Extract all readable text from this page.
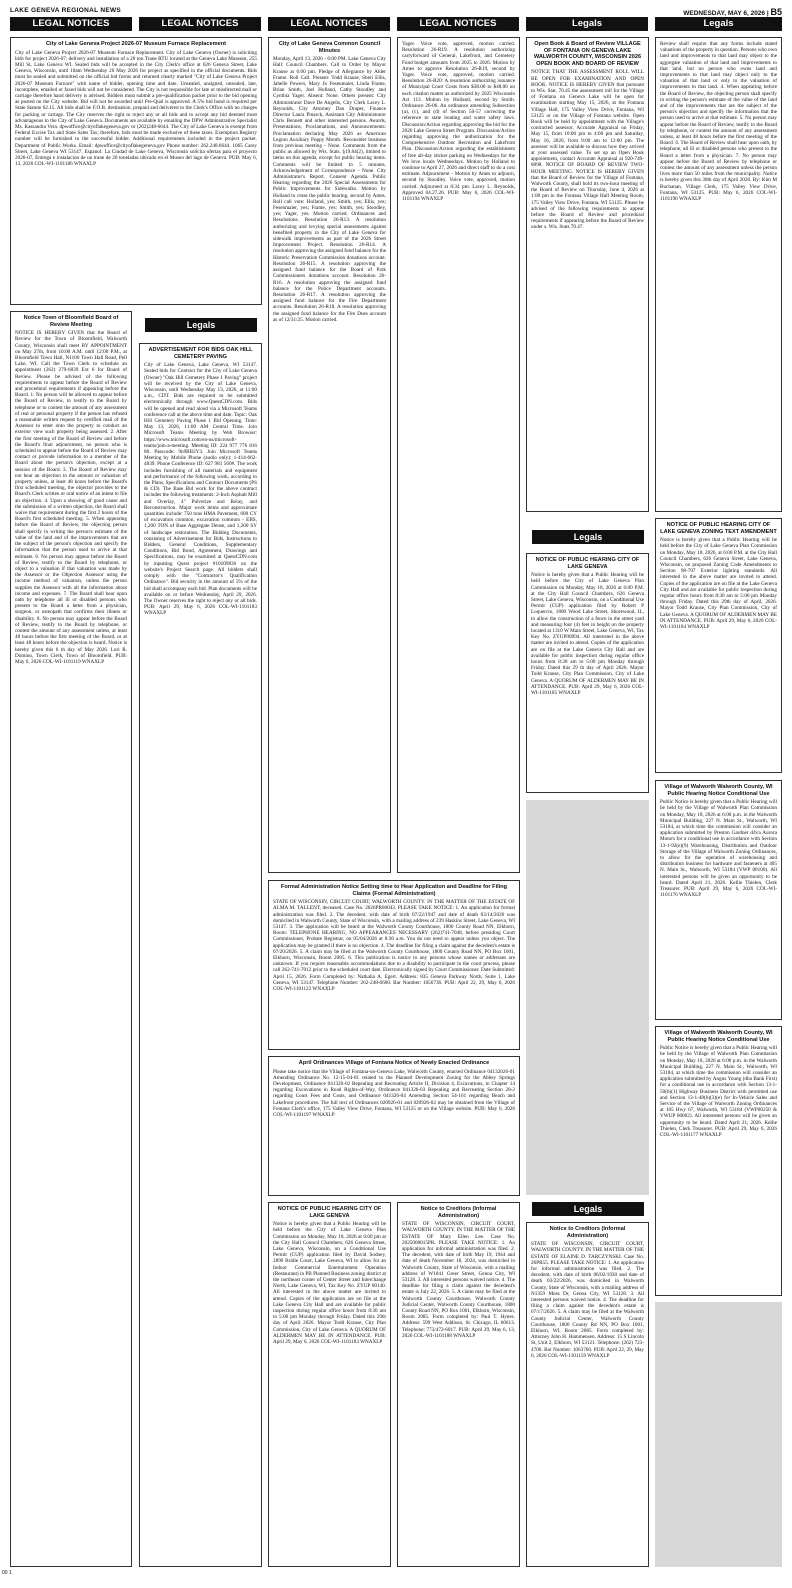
LAKE GENEVA REGIONAL NEWS	WEDNESDAY, MAY 6, 2026 | B5
LEGAL NOTICES	LEGAL NOTICES	LEGAL NOTICES	LEGAL NOTICES	Legals	Legals
City of Lake Geneva Project 2026-07 Museum Furnace Replacement

City of Lake Geneva Project 2026-07 Museum Furnace Replacement. City of Lake Geneva (Owner) is soliciting bids for project 2026-07: delivery and installation of a 20 ton Trane RTU located at the Geneva Lake Museum, 255 Mill St, Lake Geneva WI. Sealed bids will be accepted in the City Clerk's office at 626 Geneva Street, Lake Geneva, Wisconsin, until 10am Wednesday 20 May 2026 for project as specified in the official documents. Bids must be sealed and submitted on the official bid forms and returned clearly marked "City of Lake Geneva Project 2026-07 Museum Furnace" with name of bidder, opening time and date. Unsealed, unsigned, unsealed, late, incomplete, emailed or faxed bids will not be considered. The City is not responsible for late or misdirected mail or carriage therefore hand delivery is advised. Bidders must submit a pre-qualification packet prior to the bid opening as posted on the City website. Bid will not be awarded until Pre-Qual is approved. A 5% bid bond is required per State Statute 62.15. All bids shall be F.O.B. destination, prepaid and delivered to the Clerk's Office with no charges for packing or cartage. The City reserves the right to reject any or all bids and to accept any bid deemed most advantageous to the City of Lake Geneva. Documents are available by emailing the DPW Administrative Specialist Ms. Kassandra Vera. dpwoffice@cityoflakegeneva.gov or (262)248-6644. The City of Lake Geneva is exempt from Federal Excise Tax and State Sales Tax; therefore, bids must be made exclusive of these taxes. Exemption Registry number will be furnished to the successful bidder. Additional requirements included in the project packet. Department of Public Works. Email: dpwoffice@cityoflakegeneva.gov Phone number: 262.248.6644. 1065 Carey Street, Lake Geneva WI 53147. Espanol: La Ciudad de Lake Geneva, Wisconsin solicita ofertas para el proyecto 2026-07, Entrega e instalacion de un trane de 20 toneladas ubicado en el Museo del lago de Geneva. PUB: May 6, 13, 2026 COL-WI-1101186 WNAXLP

Legals
Notice Town of Bloomfield Board of Review Meeting

NOTICE IS HEREBY GIVEN that the Board of Review for the Town of Bloomfield, Walworth County, Wisconsin shall meet BY APPOINTMENT on May 27th, from 10:00 A.M. until 12:00 P.M., at Bloomfield Town Hall, N1100 Town Hall Road, Pell Lake, WI. Call the Town Clerk to schedule an appointment (262) 279-6039 Ext 6 for Board of Review. Please be advised of the following requirements to appear before the Board of Review and procedural requirements if appearing before the Board. 1. No person will be allowed to appear before the Board of Review, to testify to the Board by telephone or to contest the amount of any assessment of real or personal property if the person has refused a reasonable written request by certified mail of the Assessor to enter onto the property to conduct an exterior view such property being assessed. 2. After the first meeting of the Board of Review and before the Board's final adjournment, no person who is scheduled to appear before the Board of Review may contact or provide information to a member of the Board about the person's objection, except at a session of the Board. 3. The Board of Review may not hear an objection to the amount or valuation of property unless, at least 48 hours before the Board's first scheduled meeting, the objector provides to the Board's Clerk written or oral notice of an intent to file an objection. 4. Upon a showing of good cause and the submission of a written objection, the Board shall waive that requirement during the first 2 hours of the Board's first scheduled meeting. 5. When appearing before the Board of Review, the objecting person shall specify in writing the person's estimate of the value of the land and of the improvements that are the subject of the person's objection and specify the information that the person used to arrive at that estimate. 6. No person may appear before the Board of Review, testify to the Board by telephone, or object to a valuation if that valuation was made by the Assessor or the Objection Assessor using the income method of valuation, unless the person supplies the Assessor with all the information about income and expenses. 7. The Board shall hear upon oath by telephone all ill or disabled persons who present to the Board a letter from a physician, surgeon, or osteopath that confirms their illness or disability. 8. No person may appear before the Board of Review, testify to the Board by telephone, or contest the amount of any assessment unless, at least 48 hours before the first meeting of the Board, or at least 48 hours before the objection is heard. Notice is hereby given this 6 th day of May 2026. Lori R. Domino, Town Clerk, Town of Bloomfield. PUB: May 6, 2026 COL-WI-1101119 WNAXLP

ADVERTISEMENT FOR BIDS OAK HILL CEMETERY PAVING

City of Lake Geneva, Lake Geneva, WI 53147. Sealed bids for Contract for the City of Lake Geneva (Owner) "Oak Hill Cemetery Phase 1 Paving" project will be received by the City of Lake Geneva, Wisconsin, until Wednesday May 13, 2026, at 11:00 a.m., CDT. Bids are required to be submitted electronically through www.QuestCDN.com. Bids will be opened and read aloud via a Microsoft Teams conference call at the above time and date. Topic: Oak Hill Cemetery Paving Phase 1 Bid Opening. Time: May 13, 2026, 11:00 AM Central Time. Join Microsoft Teams Meeting by Web Browser: https://www.microsoft.com/en-us/microsoft-teams/join-a-meeting. Meeting ID: 224 977 776 816 80. Passcode: 9n9BB2Y3. Join Microsoft Teams Meeting by Mobile Phone (audio only): 1-414-662-4839. Phone Conference ID: 627 981 560#. The work includes furnishing of all materials and equipment and performance of the following work, according to the Plans, Specifications and Contract Documents (PS & CD). The Base Bid work for the above contract includes the following treatments: 2-Inch Asphalt Mill and Overlay, 4" Pulverize and Relay, and Reconstruction. Major work items and approximate quantities include: 750 tons HMA Pavement, 600 CY of excavation common, excavation common - EBS, 1,200 TON of Base Aggregate Dense, and 1,200 SY of landscape restoration. The Bidding Documents, consisting of Advertisement for Bids, Instructions to Bidders, General Conditions, Supplementary Conditions, Bid Bond, Agreement, Drawings and Specifications, may be examined at QuestCDN.com by inputting Quest project #10109836 on the website's Project Search page. All bidders shall comply with the "Contractor's Qualification Ordinance". Bid security in the amount of 5% of the bid shall accompany each bid. Plan documents will be available on or before Wednesday, April 29, 2026. The Owner reserves the right to reject any or all bids. PUB: April 29, May 6, 2026 COL-WI-1101183 WNAXLP

City of Lake Geneva Common Council Minutes

Monday, April 13, 2026 - 6:00 PM. Lake Geneva City Hall: Council Chambers. Call to Order by Mayor Krause at 6:00 pm. Pledge of Allegiance by Alder Frame. Roll Call. Present: Todd Krause, Sheri Ellis, Jahelle Powers, Mary Jo Fesenmaier, Linda Frame, Brian Smith, Joel Holland, Cathy Stoodley and Cynthia Yager. Absent: None. Others present: City Administrator Dave De Angelis, City Clerk Lacey L. Reynolds, City Attorney Dan Draper, Finance Director Laura Pinarck, Assistant City Administrator Chris Bennett and other interested persons. Awards, Presentations, Proclamations, and Announcements: Proclamation declaring May 2026 as American Legion Auxiliary Poppy Month. Reconsider business from previous meeting - None. Comments from the public as allowed by Wis. Stats. §19.84(2), limited to items on this agenda, except for public hearing items. Comments will be limited to 5 minutes. Acknowledgement of Correspondence - None. City Administrator's Report. Consent Agenda. Public Hearing regarding the 2026 Special Assessments for Public Improvements for Sidewalks. Motion by Holland to close the public hearing, second by Ames. Roll call vote: Holland, yes; Smith, yes; Ellis, yes; Fesenmaier, yes; Frame, yes; Smith, yes; Stoodley, yes; Yager, yes. Motion carried. Ordinances and Resolutions. Resolution 26-R13. A resolution authorizing and levying special assessments against benefited property in the City of Lake Geneva for sidewalk improvements as part of the 2026 Street Improvement Project. Resolution 26-R14. A resolution approving the assigned fund balance for the Historic Preservation Commission donations account. Resolution 26-R15. A resolution approving the assigned fund balance for the Board of Park Commissioners donations account. Resolution 26-R16. A resolution approving the assigned fund balance for the Police Department accounts. Resolution 26-R17. A resolution approving the assigned fund balance for the Fire Department accounts. Resolution 26-R18. A resolution approving the assigned fund balance for the Fire Dues account as of 12/31/25. Motion carried.

Yager. Voice vote, approved, motion carried. Resolution 26-R19. A resolution authorizing carryforward of General, Lakefront, and Cemetery Fund budget amounts from 2025 to 2026. Motion by Ames to approve Resolution 26-R19, second by Yager. Voice vote, approved, motion carried. Resolution 26-R20: A resolution authorizing issuance of Municipal Court Costs from $38.00 to $48.00 on each citation matter as authorized by 2025 Wisconsin Act 113. Motion by Holland, second by Smith. Ordinance 26-06. An ordinance amending Subsection (a), (c), and (d) of Section 50-57 correcting the reference to state boating and water safety laws. Discussion/Action regarding approving the bid for the 2026 Lake Geneva Street Program. Discussion/Action regarding approving the authorization for the Comprehensive Outdoor Recreation and Lakefront Plan. Discussion/Action regarding the establishment of free all-day sticker parking on Wednesdays for the We love locals Wednesdays. Motion by Holland to continue to April 27, 2026 and direct staff to do a cost estimate. Adjournment - Motion by Ames to adjourn, second by Stoodley. Voice vote, approved, motion carried. Adjourned at 8:34 pm. Lacey L. Reynolds, Approved 04.27.26. PUB: May 6, 2026 COL-WI-1101194 WNAXLP

Formal Administration Notice Setting time to Hear Application and Deadline for Filing Claims (Formal Administration)

STATE OF WISCONSIN, CIRCUIT COURT, WALWORTH COUNTY. IN THE MATTER OF THE ESTATE OF ALMA M. TALLENT, deceased. Case No. 2026PR00043. PLEASE TAKE NOTICE: 1. An application for formal administration was filed. 2. The decedent, with date of birth 07/22/1947 and date of death 03/14/2026 was domiciled in Walworth County, State of Wisconsin, with a mailing address of 239 Haskins Street, Lake Geneva, WI 53147. 3. The application will be heard at the Walworth County Courthouse, 1800 County Road NN, Elkhorn, Room: TELEPHONE HEARING, NO APPEARANCES NECESSARY (262)741-7048, before presiding Court Commissioner, Probate Registrar, on 05/04/2026 at 8:30 a.m. You do not need to appear unless you object. The application may be granted if there is no objection. 4. The deadline for filing a claim against the decedent's estate is 07/20/2026. 5. A claim may be filed at the Walworth County Courthouse, 1800 County Road NN, PO Box 1001, Elkhorn, Wisconsin, Room 2085. 6. This publication is notice to any persons whose names or addresses are unknown. If you require reasonable accommodations due to a disability to participate in the court process, please call 262-741-7012 prior to the scheduled court date. Electronically signed by Court Commissioner. Date Submitted: April 15, 2026. Form Completed by: Nathalia A. Egert. Address: 835 Geneva Parkway North, Suite 1, Lake Geneva, WI 53147. Telephone Number: 262-248-6600. Bar Number: 1056736. PUB: April 22, 29, May 6, 2026 COL-WI-1101122 WNAXLP

April Ordinances Village of Fontana Notice of Newly Enacted Ordinance

Please take notice that the Village of Fontana-on-Geneva Lake, Walworth County, enacted Ordinance 04132026-01 Amending Ordinance No. 12-15-04-01 related to the Planned Development Zoning for the Abbey Springs Development, Ordinance 041326-02 Repealing and Recreating Article II, Division 4, Excavations, in Chapter 14 regarding Excavations in Road Rights-of-Way, Ordinance 041326-03 Repealing and Recreating Section 28-2 regarding Court Fees and Costs, and Ordinance 041326-04 Amending Section 54-161 regarding Beach and Lakefront procedures. The full text of Ordinances 020926-01 and 020926-02 may be obtained from the Village of Fontana Clerk's office, 175 Valley View Drive, Fontana, WI 53125 or on the Village website. PUB: May 6, 2026 COL-WI-1101197 WNAXLP

NOTICE OF PUBLIC HEARING CITY OF LAKE GENEVA

Notice is hereby given that a Public Hearing will be held before the City of Lake Geneva Plan Commission on Monday, May 18, 2026 at 6:00 pm at the City Hall Council Chambers, 626 Geneva Street, Lake Geneva, Wisconsin, on a Conditional Use Permit (CUP) application filed by David Sodney, 2890 Bridle Court, Lake Geneva, WI to allow for an Indoor Commercial Entertainment Operation (Restaurant) in PB Planned Business zoning district at the northeast corner of Center Street and Interchange North, Lake Geneva, WI, Tax Key No. ZYUP 00140. All interested in the above matter are invited to attend. Copies of the application are on file at the Lake Geneva City Hall and are available for public inspection during regular office hours from 8:30 am to 5:00 pm Monday through Friday. Dated this 29th day of April 2026. Mayor Todd Krause, City Plan Commission, City of Lake Geneva. A QUORUM OF ALDERMEN MAY BE IN ATTENDANCE. PUB: April 29, May 6, 2026 COL-WI-1101183 WNAXLP

Notice to Creditors (Informal Administration)

STATE OF WISCONSIN, CIRCUIT COURT, WALWORTH COUNTY. IN THE MATTER OF THE ESTATE OF Mary Ellen Lee. Case No. 2025000015PR. PLEASE TAKE NOTICE: 1. An application for informal administration was filed. 2. The decedent, with date of birth May 19, 1944 and date of death November 18, 2024, was domiciled in Walworth County, State of Wisconsin, with a mailing address of W1041 Greer Street, Genoa City, WI 53128. 3. All interested persons waived notice. 4. The deadline for filing a claim against the decedent's estate is July 22, 2026. 5. A claim may be filed at the Walworth County Courthouse, Walworth County Judicial Center, Walworth County Courthouse, 1800 County Road NN, PO Box 1001, Elkhorn, Wisconsin, Room 2085. Form completed by: Paul T. Hynes. Address: 599 West Addison, St. Chicago, IL 60613. Telephone: 773/472-6017. PUB: April 29, May 6, 13, 2026 COL-WI-1101188 WNAXLP

Open Book & Board of Review VILLAGE OF FONTANA ON GENEVA LAKE WALWORTH COUNTY, WISCONSIN 2026 OPEN BOOK AND BOARD OF REVIEW

NOTICE THAT THE ASSESSMENT ROLL WILL BE OPEN FOR EXAMINATION AND OPEN BOOK. NOTICE IS HEREBY GIVEN that pursuant to Wis. Stat. 70.45 the assessment roll for the Village of Fontana on Geneva Lake will be open for examination starting May 15, 2026, at the Fontana Village Hall, 175 Valley View Drive, Fontana, WI 53125 or on the Village of Fontana website. Open Book will be held by appointment with the Village's contracted assessor, Accurate Appraisal on Friday, May 15, from 10:00 pm to 4:00 pm and Saturday, May 16, 2026, from 9:00 am to 12:00 pm. The assessor will be available to discuss how they arrived at your assessed value. To set up an Open Book appointment, contact Accurate Appraisal at 920-749-8098. NOTICE OF BOARD OF REVIEW TWO-HOUR MEETING. NOTICE IS HEREBY GIVEN that the Board of Review for the Village of Fontana, Walworth County, shall hold its two-hour meeting of the Board of Review on Thursday, June 4, 2026 at 1:00 pm in the Fontana Village Hall Meeting Room, 175 Valley View Drive, Fontana, WI 53125. Please be advised of the following requirements to appear before the Board of Review and procedural requirements if appearing before the Board of Review under s. Wis. Stats 70.47.

Review shall require that any forms include stated valuations of the property in question. Persons who own land and improvements to that land may object to the aggregate valuation of that land and improvements to that land, but no person who owns land and improvements to that land may object only to the valuation of that land or only to the valuation of improvements to that land. 4. When appearing before the Board of Review, the objecting person shall specify in writing the person's estimate of the value of the land and of the improvements that are the subject of the person's objection and specify the information that the person used to arrive at that estimate. 5. No person may appear before the Board of Review, testify to the Board by telephone, or contest the amount of any assessment unless, at least 48 hours before the first meeting of the Board. 6. The Board of Review shall hear upon oath, by telephone, all ill or disabled persons who present to the Board a letter from a physician. 7. No person may appear before the Board of Review by telephone or contest the amount of any assessment unless the person lives more than 50 miles from the municipality. Notice is hereby given this 30th day of April 2026. By: Kim M Buchanan, Village Clerk, 175 Valley View Drive, Fontana, WI 53125. PUB: May 6, 2026 COL-WI-1101196 WNAXLP

Legals
NOTICE OF PUBLIC HEARING CITY OF LAKE GENEVA

Notice is hereby given that a Public Hearing will be held before the City of Lake Geneva Plan Commission on Monday, May 18, 2026 at 6:00 P.M. at the City Hall Council Chambers, 626 Geneva Street, Lake Geneva, Wisconsin, on a Conditional Use Permit (CUP) application filed by Robert P Loquercio, 1800 Wood Lake Street, Shorewood, IL, to allow the construction of a fence in the street yard and measuring four (4) feet in height on the property located at 1310 W Main Street, Lake Geneva, WI, Tax Key No. ZYUP00094. All interested in the above matter are invited to attend. Copies of the application are on file at the Lake Geneva City Hall and are available for public inspection during regular office hours from 8:30 am to 5:00 pm Monday through Friday. Dated this 29 th day of April 2026. Mayor Todd Krause, City Plan Commission, City of Lake Geneva. A QUORUM OF ALDERMEN MAY BE IN ATTENDANCE. PUB: April 29, May 6, 2026 COL-WI-1101185 WNAXLP

NOTICE OF PUBLIC HEARING CITY OF LAKE GENEVA ZONING TEXT AMENDMENT

Notice is hereby given that a Public Hearing will be held before the City of Lake Geneva Plan Commission on Monday, May 18, 2026, at 6:00 P.M. at the City Hall Council Chambers, 626 Geneva Street, Lake Geneva, Wisconsin, on proposed Zoning Code Amendments to Section 98-707 Exterior lighting standards. All interested in the above matter are invited to attend. Copies of the application are on file at the Lake Geneva City Hall and are available for public inspection during regular office hours from 8:30 am to 5:00 pm Monday through Friday. Dated this 29th day of April, 2026. Mayor Todd Krause, City Plan Commission, City of Lake Geneva. A QUORUM OF ALDERMEN MAY BE IN ATTENDANCE. PUB: April 29, May 6, 2026 COL-WI-1101184 WNAXLP

Village of Walworth Walworth County, WI Public Hearing Notice Conditional Use

Public Notice is hereby given that a Public Hearing will be held by the Village of Walworth Plan Commission on Monday, May 18, 2026 at 6:00 p.m. in the Walworth Municipal Building, 227 N. Main St., Walworth, WI 53184, at which time the commission will consider an application submitted by Preston Gardner d/b/a Aurora Motors for a conditional use in accordance with Section 13-1-92(e)(9) Warehousing, Distribution and Outdoor Storage of the Village of Walworth Zoning Ordinances, to allow for the operation of warehousing and distribution business for hardware and fasteners at 405 N. Main St., Walworth, WI 53184 (VWP 00100). All interested persons will be given an opportunity to be heard. Dated April 21, 2026. Kellie Thielen, Clerk Treasurer. PUB: April 29, May 6, 2026 COL-WI-1101176 WNAXLP

Village of Walworth Walworth County, WI Public Hearing Notice Conditional Use

Public Notice is hereby given that a Public Hearing will be held by the Village of Walworth Plan Commission on Monday, May 18, 2026 at 6:00 p.m. in the Walworth Municipal Building, 227 N. Main St., Walworth, WI 53184, at which time the commission will consider an application submitted by Angus Young (dba Bank First) for a conditional use in accordance with Section 13-1-50(b)(1) Highway Business District with permitted use and Section 13-1-48(b)(3)(e) for In-Vehicle Sales and Service of the Village of Walworth Zoning Ordinances at 105 Hwy 67, Walworth, WI 53184 (VWP00250 & VWUP 00002). All interested persons will be given an opportunity to be heard. Dated April 21, 2026. Kellie Thielen, Clerk Treasurer. PUB: April 29, May 6, 2026 COL-WI-1101177 WNAXLP

Legals
Notice to Creditors (Informal Administration)

STATE OF WISCONSIN, CIRCUIT COURT, WALWORTH COUNTY. IN THE MATTER OF THE ESTATE OF ELAINE D. TARCZYNSKI. Case No. 26PR55. PLEASE TAKE NOTICE: 1. An application for informal administration was filed. 2. The decedent, with date of birth 06/02/1930 and date of death 03/22/2026, was domiciled in Walworth County, State of Wisconsin, with a mailing address of N1359 Moss Dr, Genoa City, WI 53128. 3. All interested persons waived notice. 4. The deadline for filing a claim against the decedent's estate is 07/17/2026. 5. A claim may be filed at the Walworth County Judicial Center, Walworth County Courthouse, 1800 County Rd NN, PO Box 1001, Elkhorn, WI, Room 2085. Form completed by: Attorney John H. Hammensen. Address: 15 S Lincoln St, Unit 2, Elkhorn, WI 53121. Telephone: (262) 723-4700. Bar Number: 1063760. PUB: April 22, 29, May 6, 2026 COL-WI-1101159 WNAXLP

00 1
